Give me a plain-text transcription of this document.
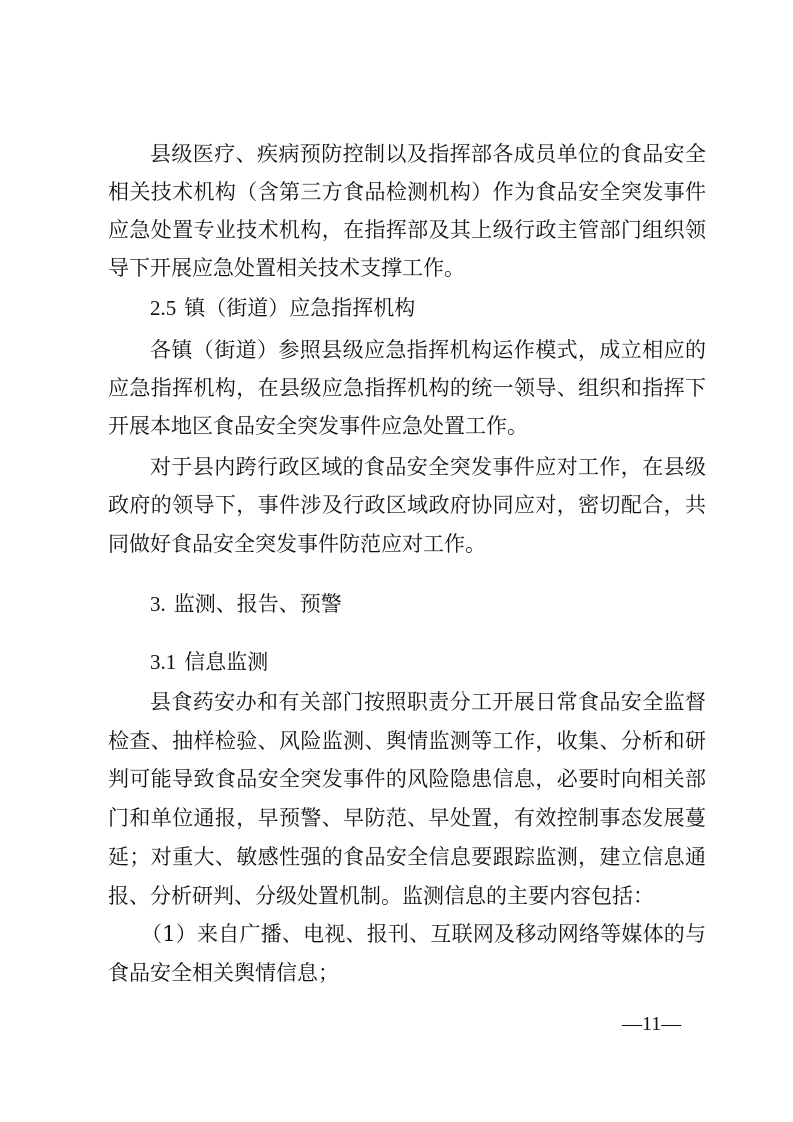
县级医疗、疾病预防控制以及指挥部各成员单位的食品安全
相关技术机构（含第三方食品检测机构）作为食品安全突发事件
应急处置专业技术机构，在指挥部及其上级行政主管部门组织领
导下开展应急处置相关技术支撑工作。
2.5 镇（街道）应急指挥机构
各镇（街道）参照县级应急指挥机构运作模式，成立相应的
应急指挥机构，在县级应急指挥机构的统一领导、组织和指挥下
开展本地区食品安全突发事件应急处置工作。
对于县内跨行政区域的食品安全突发事件应对工作，在县级
政府的领导下，事件涉及行政区域政府协同应对，密切配合，共
同做好食品安全突发事件防范应对工作。
3. 监测、报告、预警
3.1 信息监测
县食药安办和有关部门按照职责分工开展日常食品安全监督
检查、抽样检验、风险监测、舆情监测等工作，收集、分析和研
判可能导致食品安全突发事件的风险隐患信息，必要时向相关部
门和单位通报，早预警、早防范、早处置，有效控制事态发展蔓
延；对重大、敏感性强的食品安全信息要跟踪监测，建立信息通
报、分析研判、分级处置机制。监测信息的主要内容包括：
（1）来自广播、电视、报刊、互联网及移动网络等媒体的与
食品安全相关舆情信息；
—11—
